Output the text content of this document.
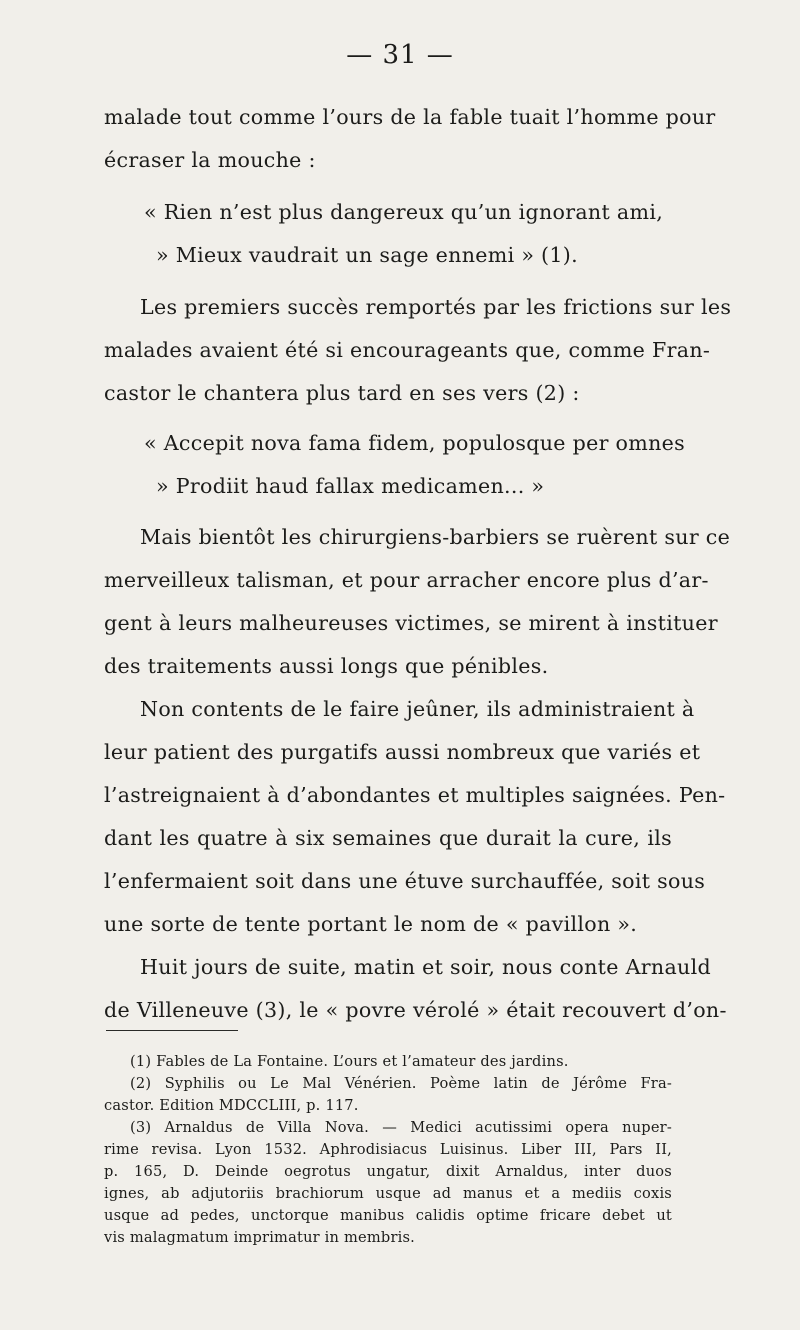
— 31 —
malade tout comme l’ours de la fable tuait l’homme pour
écraser la mouche :
« Rien n’est plus dangereux qu’un ignorant ami,
» Mieux vaudrait un sage ennemi » (1).
Les premiers succès remportés par les frictions sur les
malades avaient été si encourageants que, comme Fran-
castor le chantera plus tard en ses vers (2) :
« Accepit nova fama fidem, populosque per omnes
» Prodiit haud fallax medicamen... »
Mais bientôt les chirurgiens-barbiers se ruèrent sur ce
merveilleux talisman, et pour arracher encore plus d’ar-
gent à leurs malheureuses victimes, se mirent à instituer
des traitements aussi longs que pénibles.
Non contents de le faire jeûner, ils administraient à
leur patient des purgatifs aussi nombreux que variés et
l’astreignaient à d’abondantes et multiples saignées. Pen-
dant les quatre à six semaines que durait la cure, ils
l’enfermaient soit dans une étuve surchauffée, soit sous
une sorte de tente portant le nom de « pavillon ».
Huit jours de suite, matin et soir, nous conte Arnauld
de Villeneuve (3), le « povre vérolé » était recouvert d’on-
(1) Fables de La Fontaine. L’ours et l’amateur des jardins.
(2) Syphilis ou Le Mal Vénérien. Poème latin de Jérôme Fra-
castor. Edition MDCCLIII, p. 117.
(3) Arnaldus de Villa Nova. — Medici acutissimi opera nuper-
rime revisa. Lyon 1532. Aphrodisiacus Luisinus. Liber III, Pars II,
p. 165, D. Deinde oegrotus ungatur, dixit Arnaldus, inter duos
ignes, ab adjutoriis brachiorum usque ad manus et a mediis coxis
usque ad pedes, unctorque manibus calidis optime fricare debet ut
vis malagmatum imprimatur in membris.
